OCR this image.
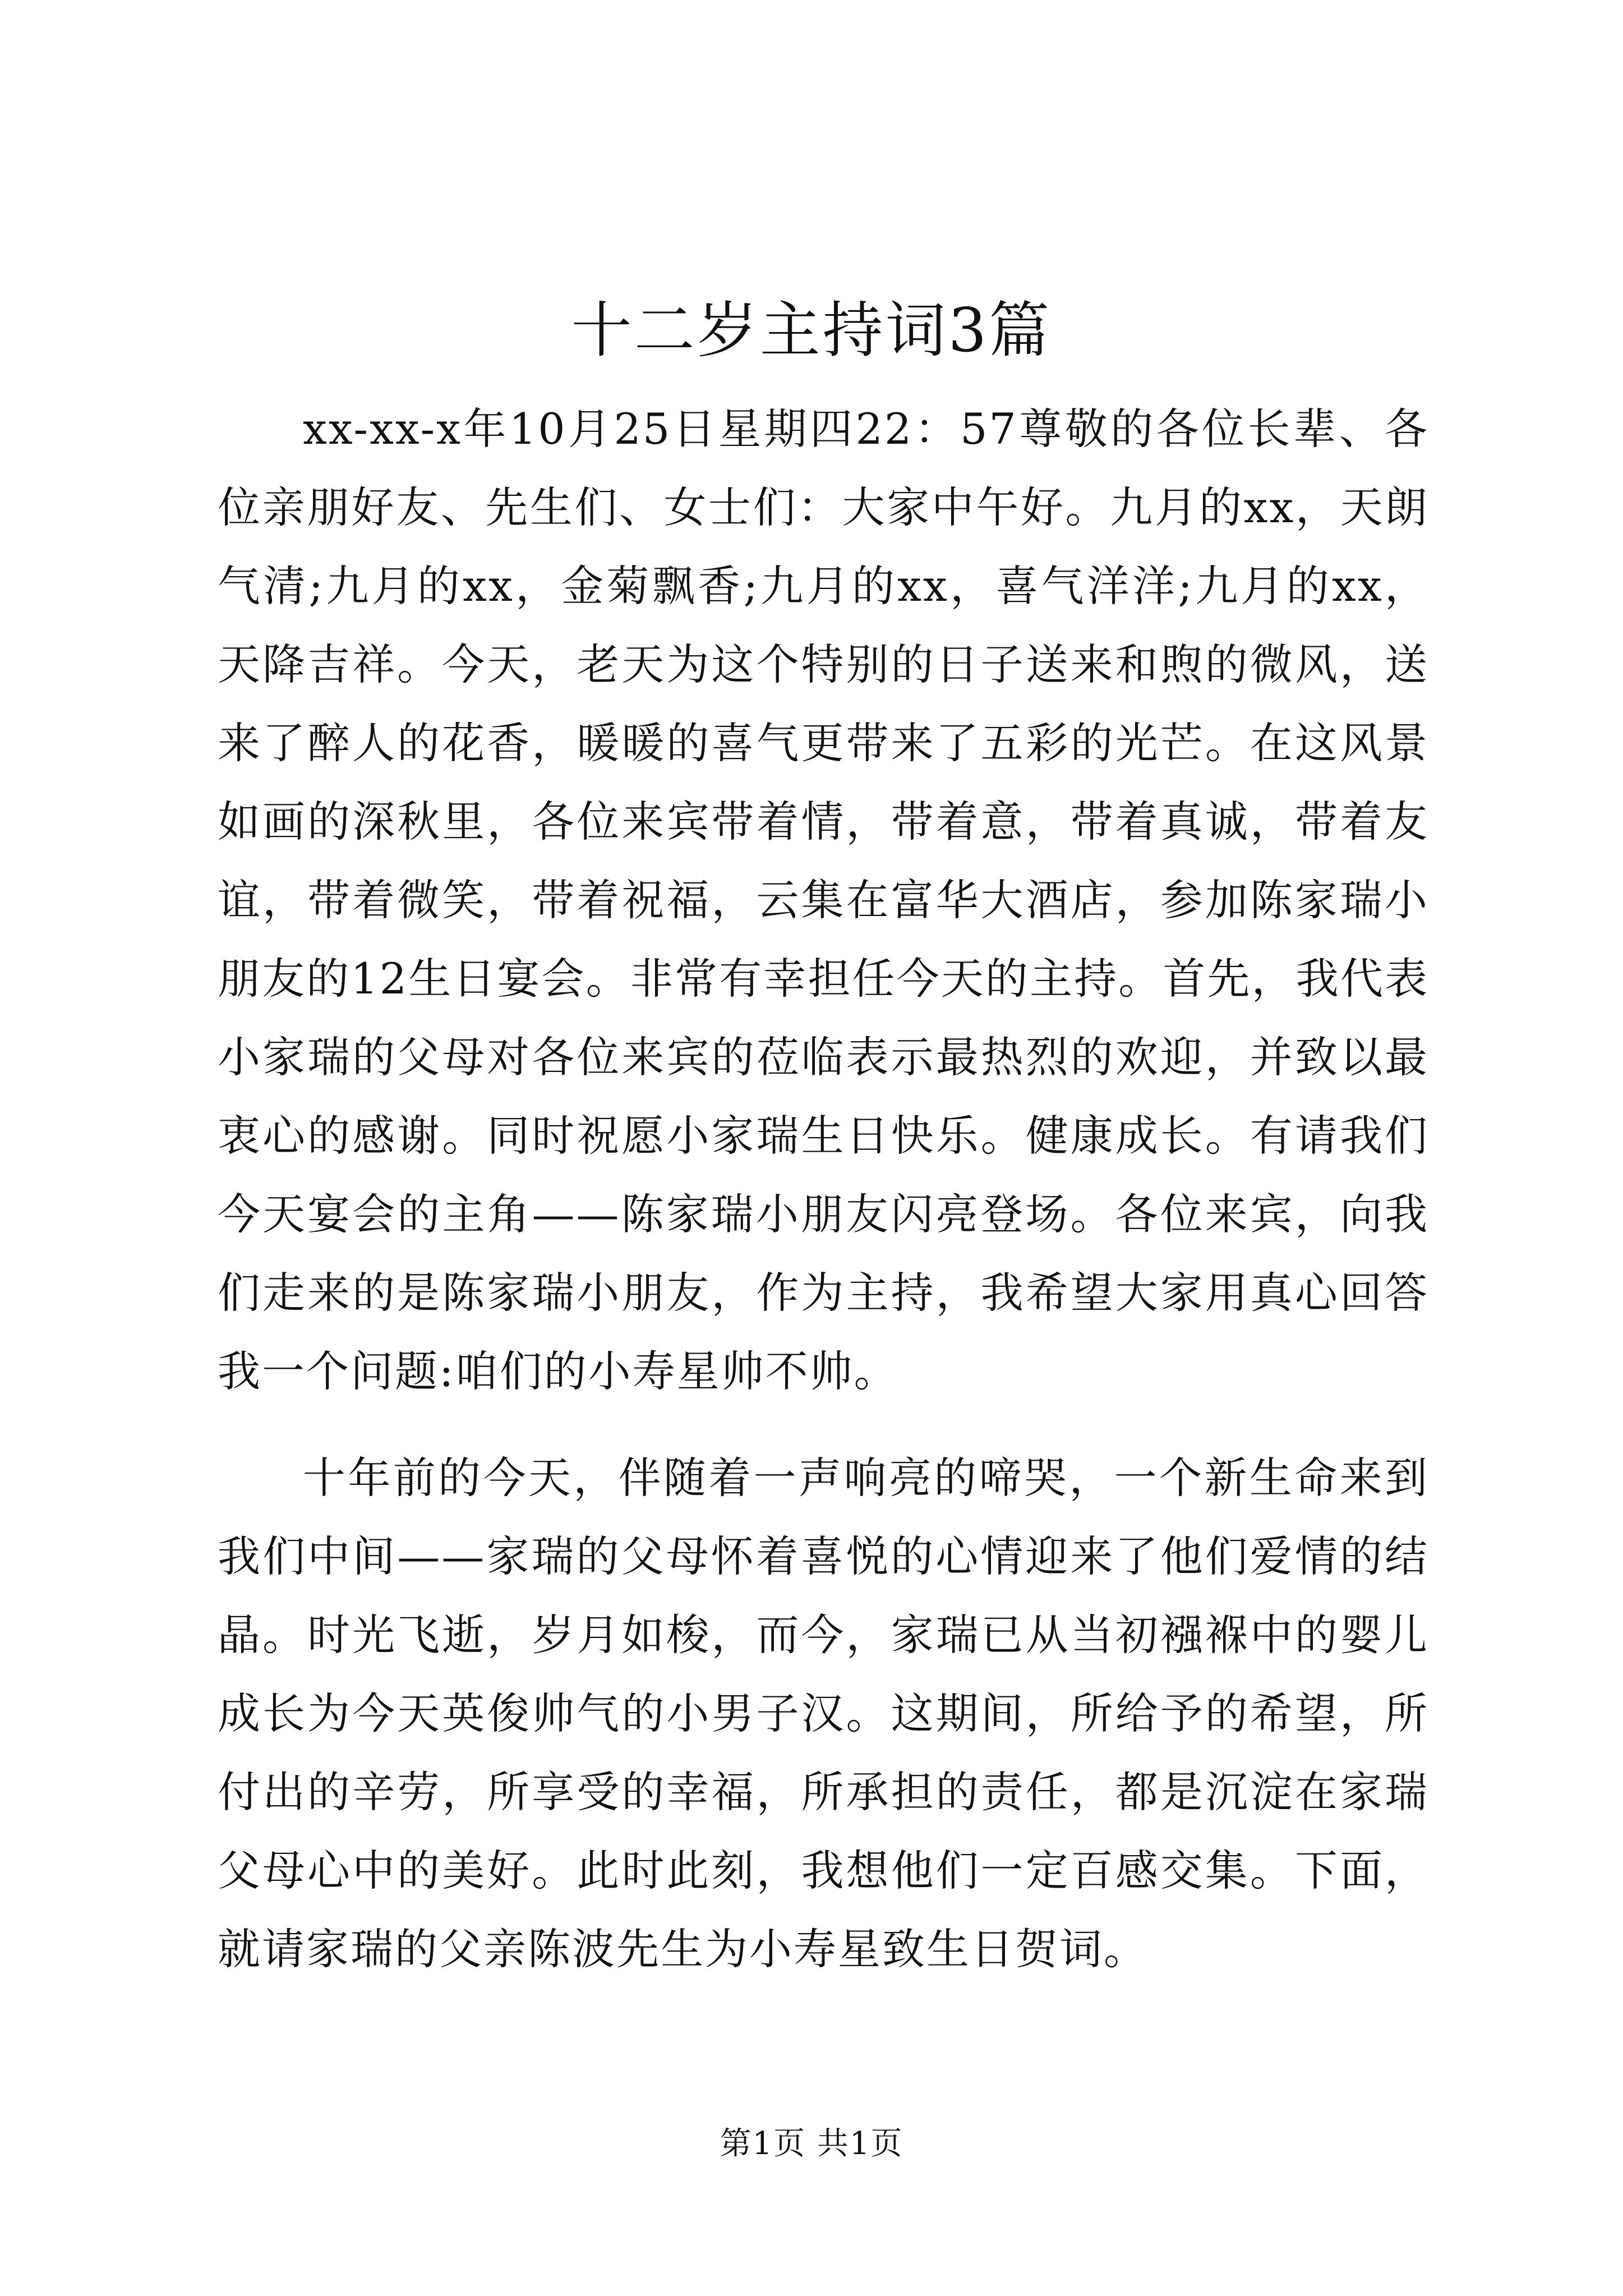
十二岁主持词3篇

xx-xx-x年10月25日星期四22：57尊敬的各位长辈、各位亲朋好友、先生们、女士们：大家中午好。九月的xx，天朗气清;九月的xx，金菊飘香;九月的xx，喜气洋洋;九月的xx，天降吉祥。今天，老天为这个特别的日子送来和煦的微风，送来了醉人的花香，暖暖的喜气更带来了五彩的光芒。在这风景如画的深秋里，各位来宾带着情，带着意，带着真诚，带着友谊，带着微笑，带着祝福，云集在富华大酒店，参加陈家瑞小朋友的12生日宴会。非常有幸担任今天的主持。首先，我代表小家瑞的父母对各位来宾的莅临表示最热烈的欢迎，并致以最衷心的感谢。同时祝愿小家瑞生日快乐。健康成长。有请我们今天宴会的主角——陈家瑞小朋友闪亮登场。各位来宾，向我们走来的是陈家瑞小朋友，作为主持，我希望大家用真心回答我一个问题:咱们的小寿星帅不帅。

十年前的今天，伴随着一声响亮的啼哭，一个新生命来到我们中间——家瑞的父母怀着喜悦的心情迎来了他们爱情的结晶。时光飞逝，岁月如梭，而今，家瑞已从当初襁褓中的婴儿成长为今天英俊帅气的小男子汉。这期间，所给予的希望，所付出的辛劳，所享受的幸福，所承担的责任，都是沉淀在家瑞父母心中的美好。此时此刻，我想他们一定百感交集。下面，就请家瑞的父亲陈波先生为小寿星致生日贺词。

第1页 共1页
